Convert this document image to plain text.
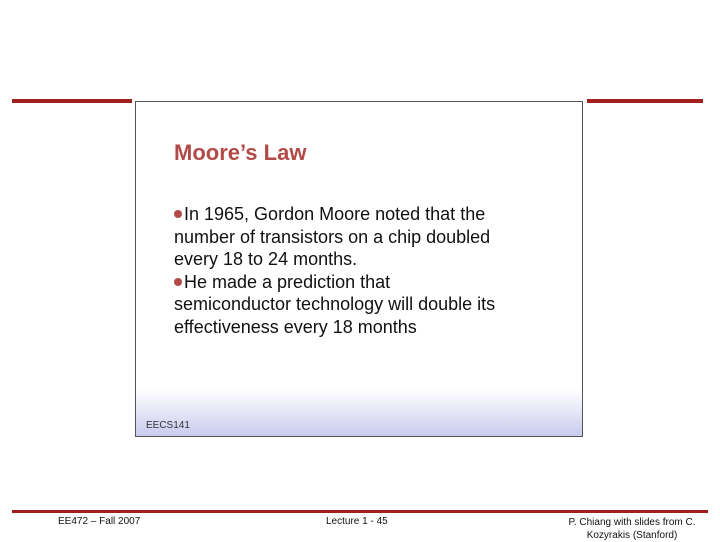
Moore’s Law
In 1965, Gordon Moore noted that the
number of transistors on a chip doubled
every 18 to 24 months.
He made a prediction that
semiconductor technology will double its
effectiveness every 18 months
EECS141
EE472 – Fall 2007	Lecture 1 - 45	P. Chiang with slides from C. Kozyrakis (Stanford)
